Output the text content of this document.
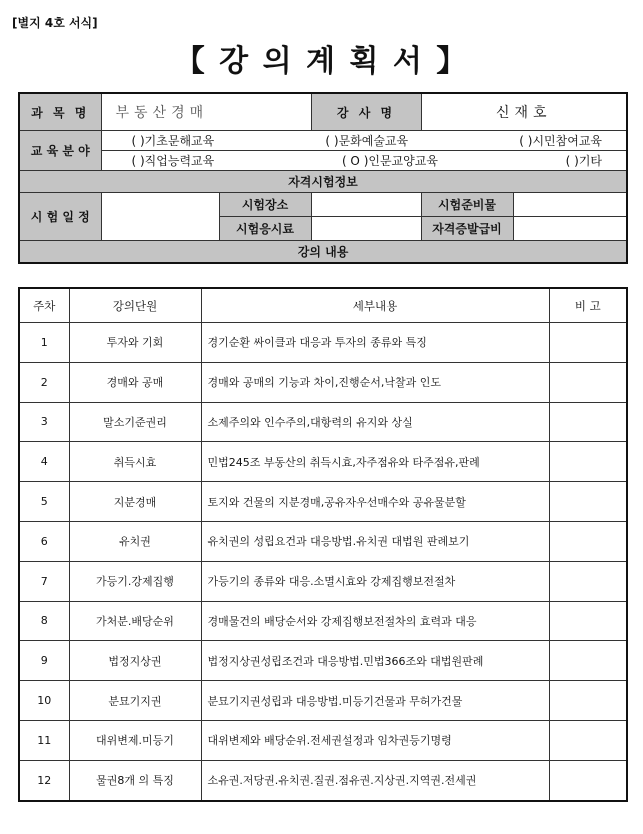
[별지 4호 서식]
【 강 의 계 획 서 】
과 목 명	부동산경매		강 사 명	신재호	
교 육 분 야	( )기초문해교육 ( )문화예술교육 ( )시민참여교육				

	( )직업능력교육 ( O )인문교양교육 ( )기타				

자격시험정보					
시 험 일 정		시험장소		시험준비물	
		시험응시료		자격증발급비	
강의 내용					
주차	강의단원	세부내용	비 고
1	투자와 기회	경기순환 싸이클과 대응과 투자의 종류와 특징	
2	경매와 공매	경매와 공매의 기능과 차이,진행순서,낙찰과 인도	
3	말소기준권리	소제주의와 인수주의,대항력의 유지와 상실	
4	취득시효	민법245조 부동산의 취득시효,자주점유와 타주점유,판례	
5	지분경매	토지와 건물의 지분경매,공유자우선매수와 공유물분할	
6	유치권	유치권의 성립요건과 대응방법.유치권 대법원 판례보기	
7	가등기.강제집행	가등기의 종류와 대응.소멸시효와 강제집행보전절차	
8	가처분.배당순위	경매물건의 배당순서와 강제집행보전절차의 효력과 대응	
9	법정지상권	법정지상권성립조건과 대응방법.민법366조와 대법원판례	
10	분묘기지권	분묘기지권성립과 대응방법.미등기건물과 무허가건물	
11	대위변제.미등기	대위변제와 배당순위.전세권설정과 임차권등기명령	
12	물권8개 의 특징	소유권.저당권.유치권.질권.점유권.지상권.지역권.전세권	
